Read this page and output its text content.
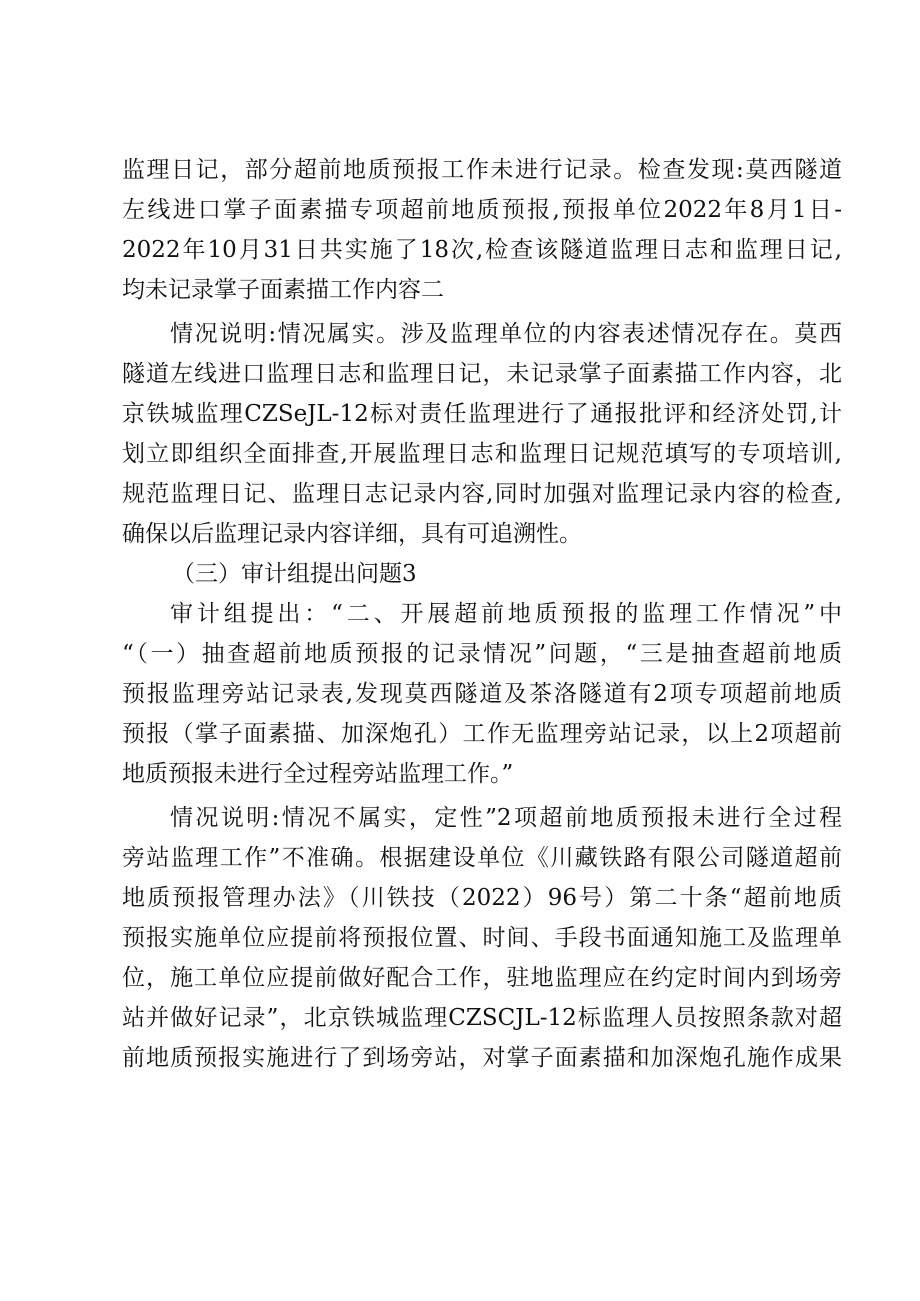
监理日记，部分超前地质预报工作未进行记录。检查发现:莫西隧道
左线进口掌子面素描专项超前地质预报,预报单位2022年8月1日-
2022年10月31日共实施了18次,检查该隧道监理日志和监理日记,
均未记录掌子面素描工作内容二
情况说明:情况属实。涉及监理单位的内容表述情况存在。莫西
隧道左线进口监理日志和监理日记，未记录掌子面素描工作内容，北
京铁城监理CZSeJL-12标对责任监理进行了通报批评和经济处罚,计
划立即组织全面排查,开展监理日志和监理日记规范填写的专项培训,
规范监理日记、监理日志记录内容,同时加强对监理记录内容的检查,
确保以后监理记录内容详细，具有可追溯性。
（三）审计组提出问题3
审计组提出：“二、开展超前地质预报的监理工作情况”中
“（一）抽查超前地质预报的记录情况”问题，“三是抽查超前地质
预报监理旁站记录表,发现莫西隧道及茶洛隧道有2项专项超前地质
预报（掌子面素描、加深炮孔）工作无监理旁站记录，以上2项超前
地质预报未进行全过程旁站监理工作。”
情况说明:情况不属实，定性”2项超前地质预报未进行全过程
旁站监理工作”不准确。根据建设单位《川藏铁路有限公司隧道超前
地质预报管理办法》（川铁技（2022）96号）第二十条“超前地质
预报实施单位应提前将预报位置、时间、手段书面通知施工及监理单
位，施工单位应提前做好配合工作，驻地监理应在约定时间内到场旁
站并做好记录”，北京铁城监理CZSCJL-12标监理人员按照条款对超
前地质预报实施进行了到场旁站，对掌子面素描和加深炮孔施作成果
